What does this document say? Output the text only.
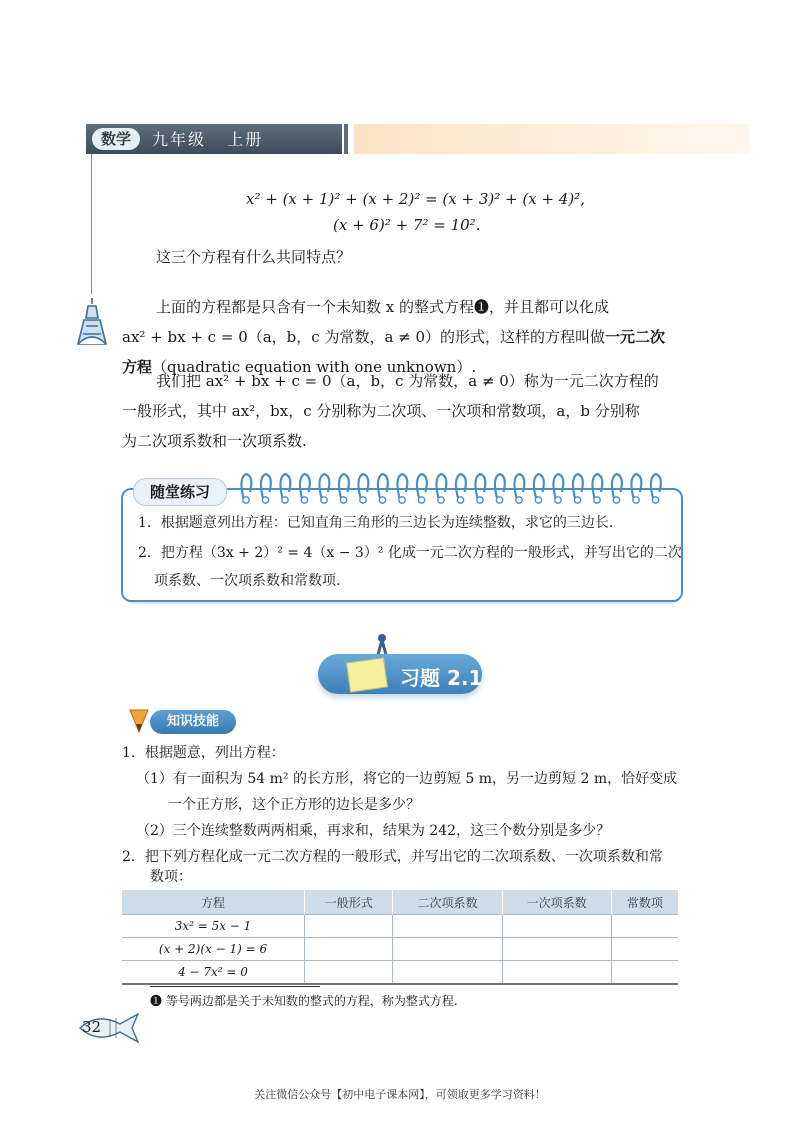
数学	九年级   上册
x² + (x + 1)² + (x + 2)² = (x + 3)² + (x + 4)²,
(x + 6)² + 7² = 10².
这三个方程有什么共同特点？
上面的方程都是只含有一个未知数 x 的整式方程❶，并且都可以化成
ax² + bx + c = 0（a，b，c 为常数，a ≠ 0）的形式，这样的方程叫做一元二次
方程（quadratic equation with one unknown）.
我们把 ax² + bx + c = 0（a，b，c 为常数，a ≠ 0）称为一元二次方程的
一般形式，其中 ax²，bx，c 分别称为二次项、一次项和常数项，a，b 分别称
为二次项系数和一次项系数.
随堂练习
1．根据题意列出方程：已知直角三角形的三边长为连续整数，求它的三边长.
2．把方程（3x + 2）² = 4（x − 3）² 化成一元二次方程的一般形式，并写出它的二次
项系数、一次项系数和常数项.
习题 2.1
知识技能
1．根据题意，列出方程：
（1）有一面积为 54 m² 的长方形，将它的一边剪短 5 m，另一边剪短 2 m，恰好变成
一个正方形，这个正方形的边长是多少？
（2）三个连续整数两两相乘，再求和，结果为 242，这三个数分别是多少？
2．把下列方程化成一元二次方程的一般形式，并写出它的二次项系数、一次项系数和常
数项：
方程	一般形式	二次项系数	一次项系数	常数项
3x² = 5x − 1				
(x + 2)(x − 1) = 6				
4 − 7x² = 0				
❶ 等号两边都是关于未知数的整式的方程，称为整式方程.
32
关注微信公众号【初中电子课本网】，可领取更多学习资料！
